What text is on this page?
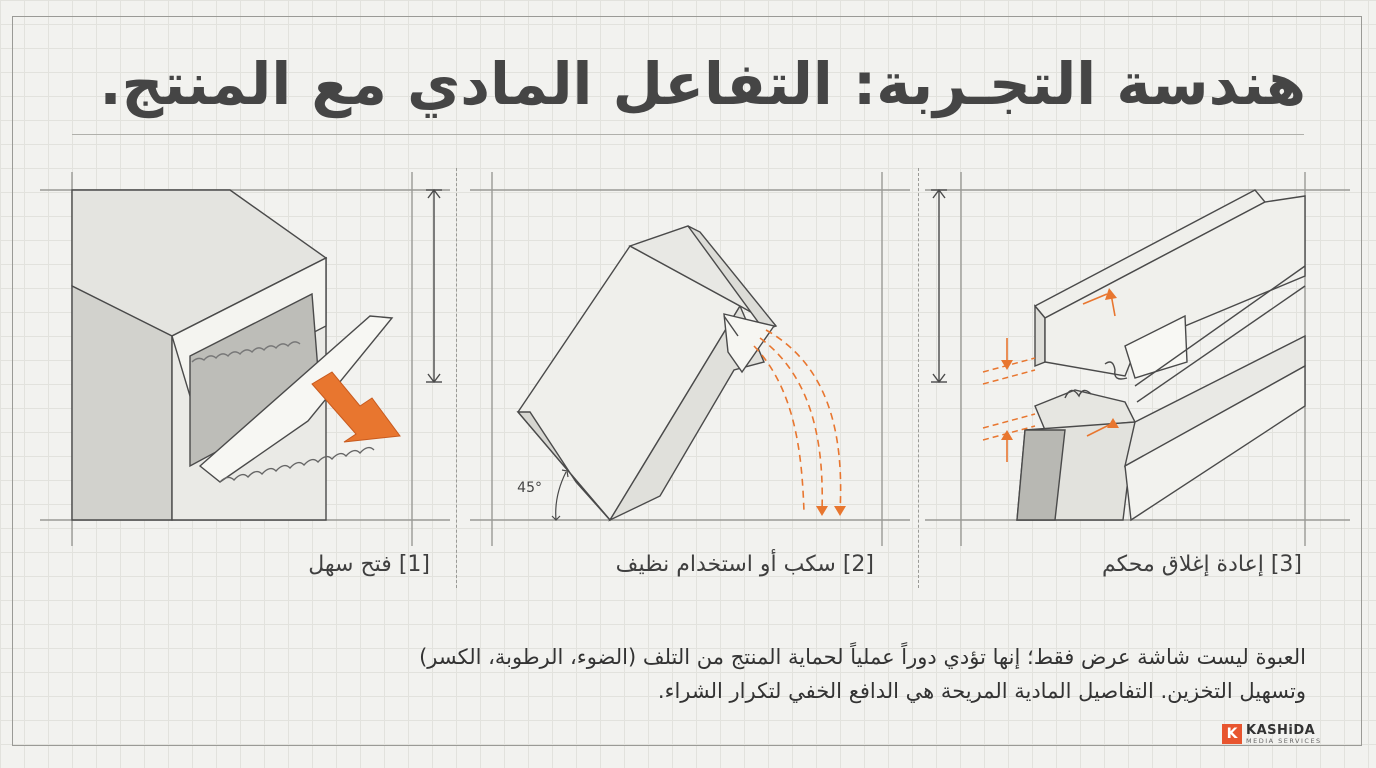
هندسة التجـربة: التفاعل المادي مع المنتج.
45°

[1] فتح سهل	[2] سكب أو استخدام نظيف	[3] إعادة إغلاق محكم

العبوة ليست شاشة عرض فقط؛ إنها تؤدي دوراً عملياً لحماية المنتج من التلف (الضوء، الرطوبة، الكسر)
وتسهيل التخزين. التفاصيل المادية المريحة هي الدافع الخفي لتكرار الشراء.

K KASHiDA
MEDIA SERVICES
